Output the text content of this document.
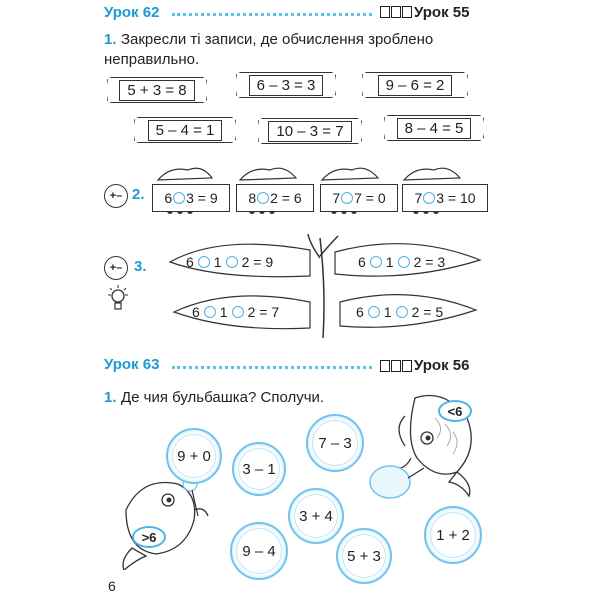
Урок 62	Урок 55
1. Закресли ті записи, де обчислення зроблено неправильно.
5 + 3 = 8	6 – 3 = 3	9 – 6 = 2
5 – 4 = 1	10 – 3 = 7	8 – 4 = 5
+– 2. 6 3 = 9 8 2 = 6 7 7 = 0 7 3 = 10
+– 3.	6 1 2 = 9	6 1 2 = 3
6 1 2 = 7	6 1 2 = 5
Урок 63	Урок 56
1. Де чия бульбашка? Сполучи.
<6
>6
9 + 0
3 – 1
7 – 3
3 + 4
9 – 4	5 + 3
1 + 2
6
